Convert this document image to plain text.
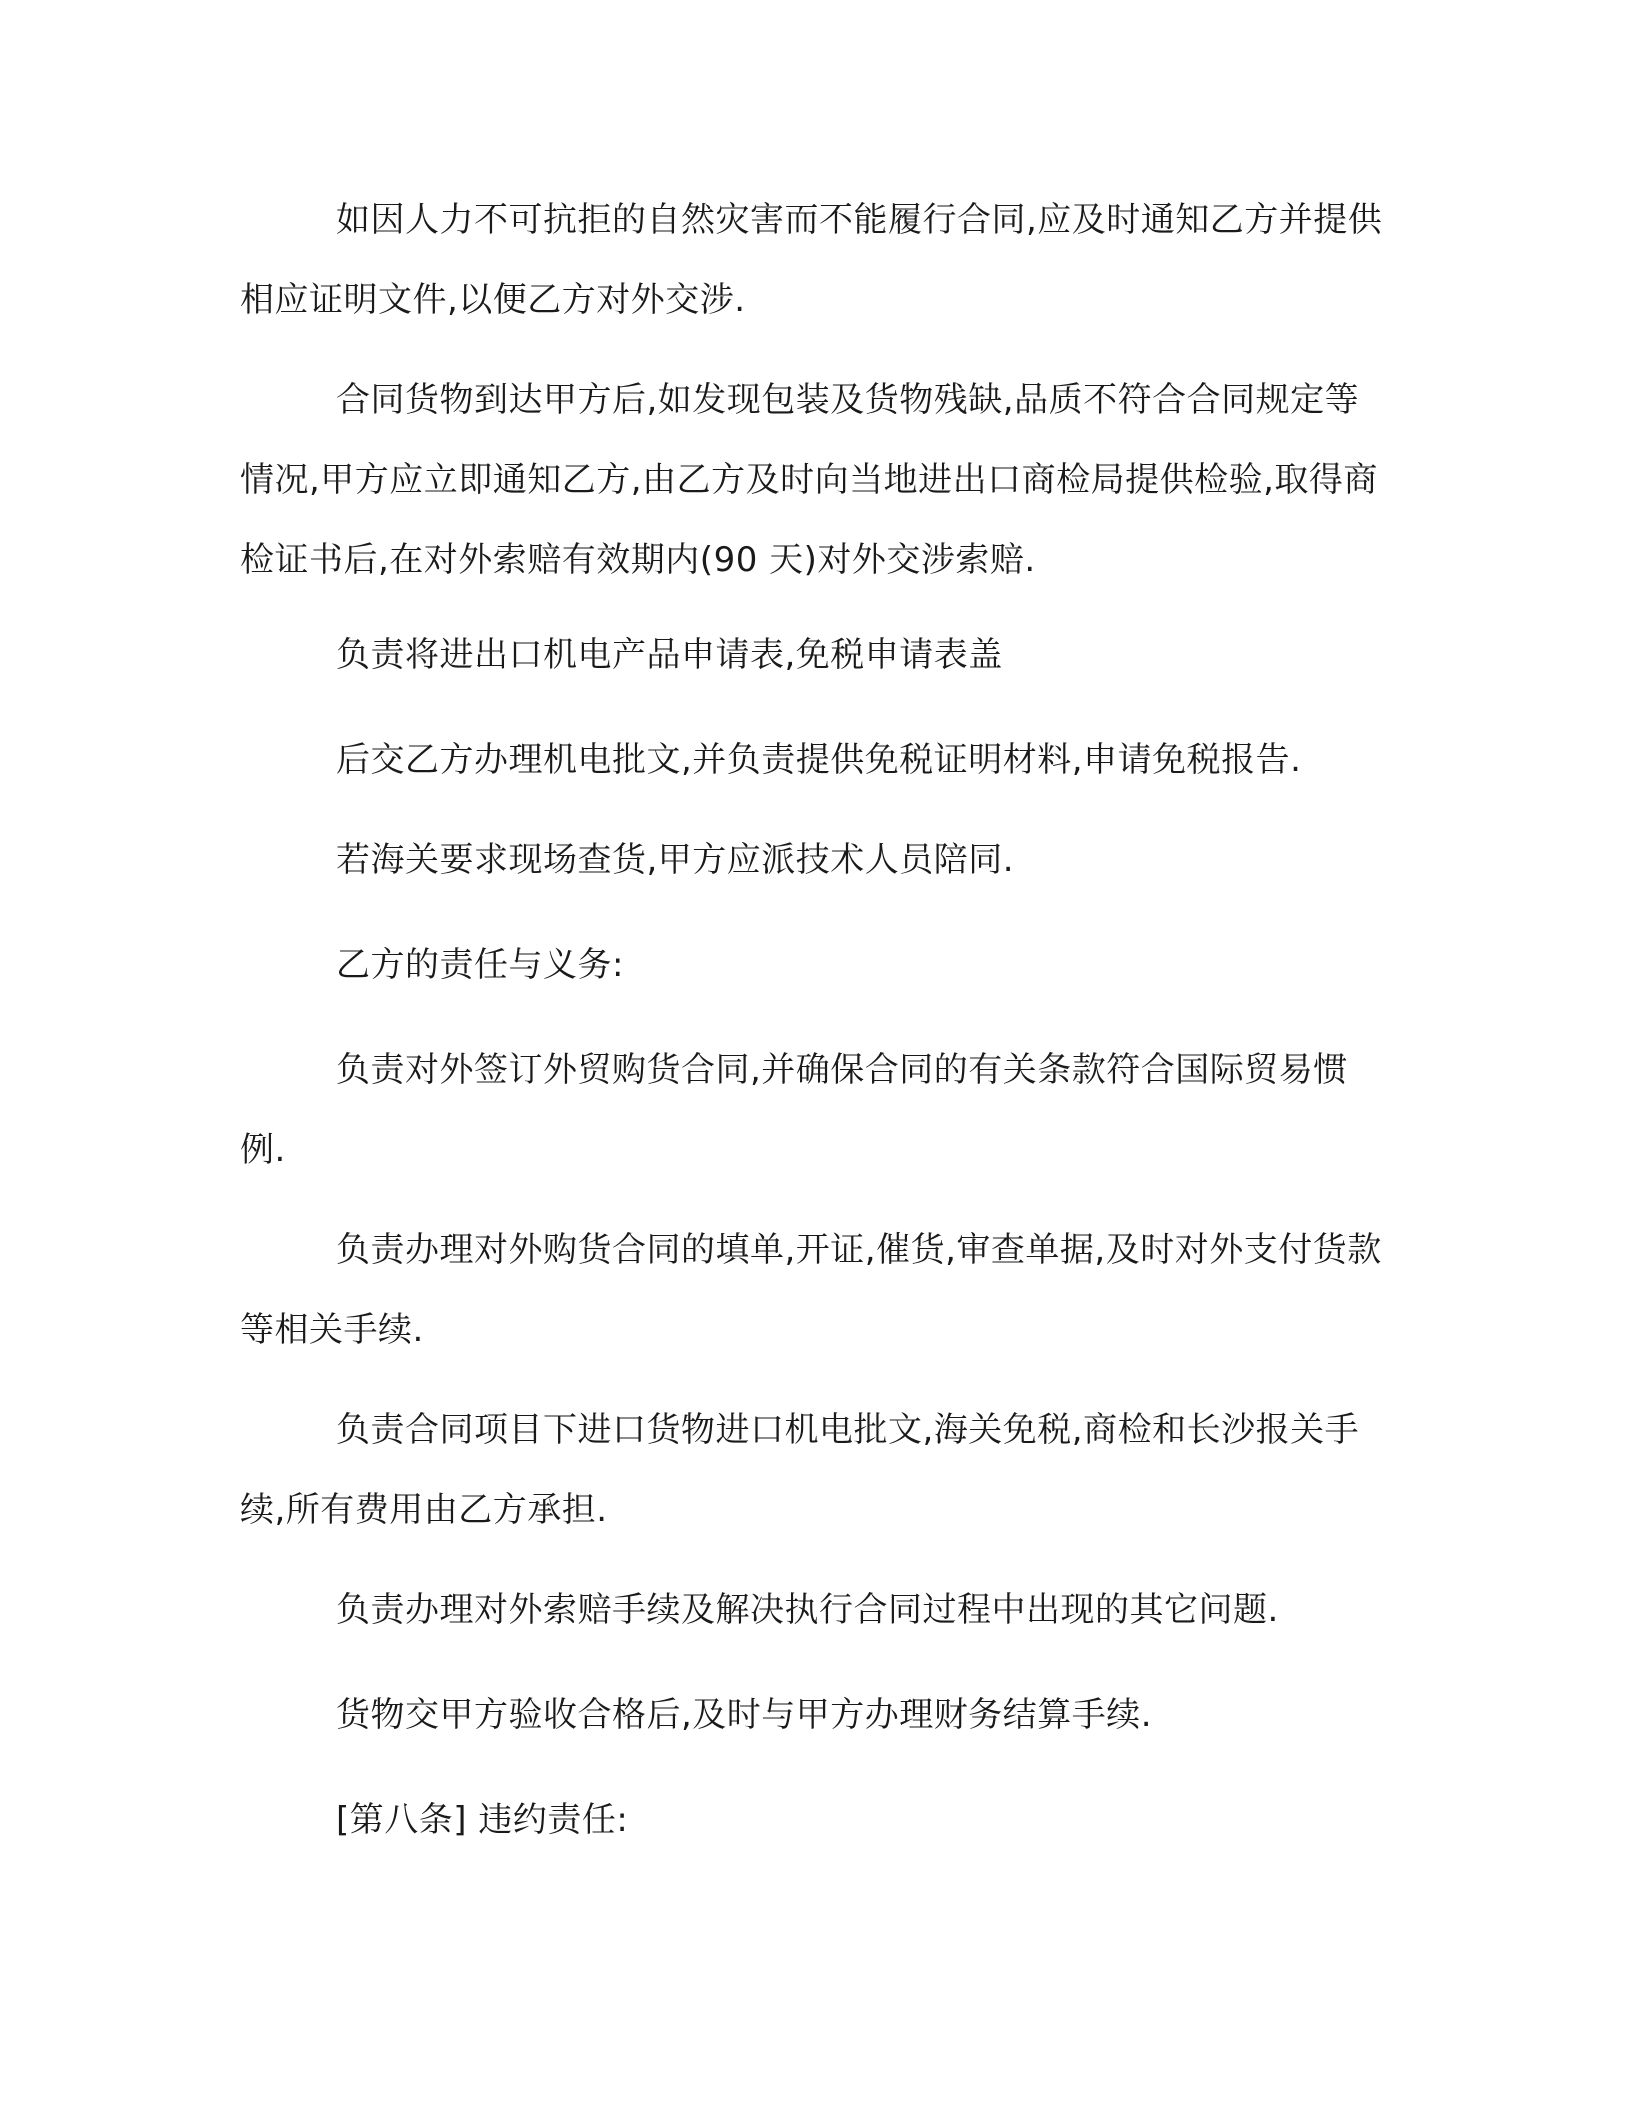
如因人力不可抗拒的自然灾害而不能履行合同,应及时通知乙方并提供相应证明文件,以便乙方对外交涉.

合同货物到达甲方后,如发现包装及货物残缺,品质不符合合同规定等情况,甲方应立即通知乙方,由乙方及时向当地进出口商检局提供检验,取得商检证书后,在对外索赔有效期内(90 天)对外交涉索赔.

负责将进出口机电产品申请表,免税申请表盖

后交乙方办理机电批文,并负责提供免税证明材料,申请免税报告.

若海关要求现场查货,甲方应派技术人员陪同.

乙方的责任与义务:

负责对外签订外贸购货合同,并确保合同的有关条款符合国际贸易惯例.

负责办理对外购货合同的填单,开证,催货,审查单据,及时对外支付货款等相关手续.

负责合同项目下进口货物进口机电批文,海关免税,商检和长沙报关手续,所有费用由乙方承担.

负责办理对外索赔手续及解决执行合同过程中出现的其它问题.

货物交甲方验收合格后,及时与甲方办理财务结算手续.

[第八条] 违约责任:
